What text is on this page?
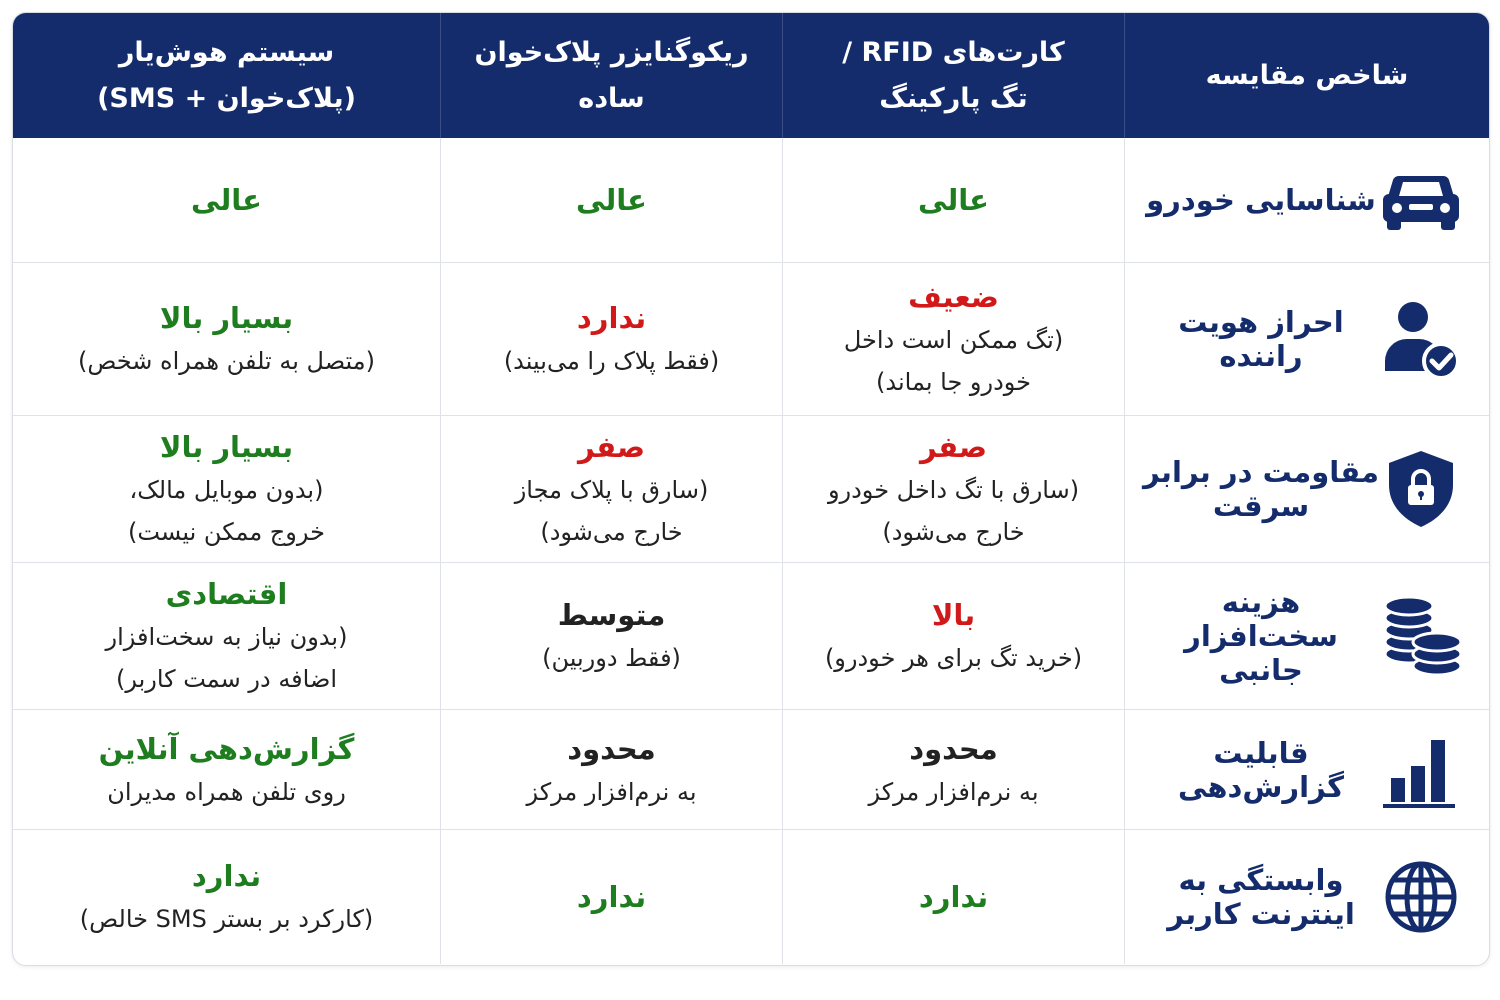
شاخص مقایسه
کارت‌های RFID /
تگ پارکینگ
ریکوگنایزر پلاک‌خوان ساده
سیستم هوش‌یار
(پلاک‌خوان + SMS)
شناسایی خودرو
عالی
عالی
عالی
احراز هویت راننده
ضعیف
(تگ ممکن است داخل
خودرو جا بماند)
ندارد
(فقط پلاک را می‌بیند)
بسیار بالا
(متصل به تلفن همراه شخص)
مقاومت در برابر سرقت
صفر
(سارق با تگ داخل خودرو
خارج می‌شود)
صفر
(سارق با پلاک مجاز
خارج می‌شود)
بسیار بالا
(بدون موبایل مالک،
خروج ممکن نیست)
هزینه سخت‌افزار جانبی
بالا
(خرید تگ برای هر خودرو)
متوسط
(فقط دوربین)
اقتصادی
(بدون نیاز به سخت‌افزار
اضافه در سمت کاربر)
قابلیت گزارش‌دهی
محدود
به نرم‌افزار مرکز
محدود
به نرم‌افزار مرکز
گزارش‌دهی آنلاین
روی تلفن همراه مدیران
وابستگی به اینترنت کاربر
ندارد
ندارد
ندارد
(کارکرد بر بستر SMS خالص)
